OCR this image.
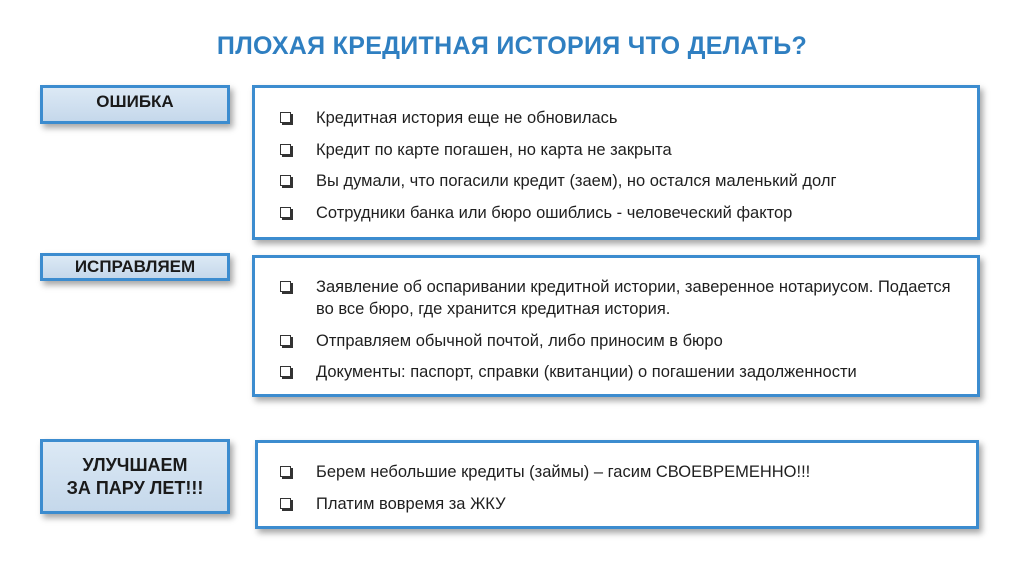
ПЛОХАЯ КРЕДИТНАЯ ИСТОРИЯ ЧТО ДЕЛАТЬ?
ОШИБКА
Кредитная история еще не обновилась
Кредит по карте погашен, но карта не закрыта
Вы думали, что погасили кредит (заем), но остался маленький долг
Сотрудники банка или бюро ошиблись - человеческий фактор
ИСПРАВЛЯЕМ
Заявление об оспаривании кредитной истории, заверенное нотариусом. Подается во все бюро, где хранится кредитная история.
Отправляем обычной почтой, либо приносим в бюро
Документы: паспорт, справки (квитанции) о погашении задолженности
УЛУЧШАЕМ
ЗА ПАРУ ЛЕТ!!!
Берем небольшие кредиты (займы) – гасим СВОЕВРЕМЕННО!!!
Платим вовремя за ЖКУ
